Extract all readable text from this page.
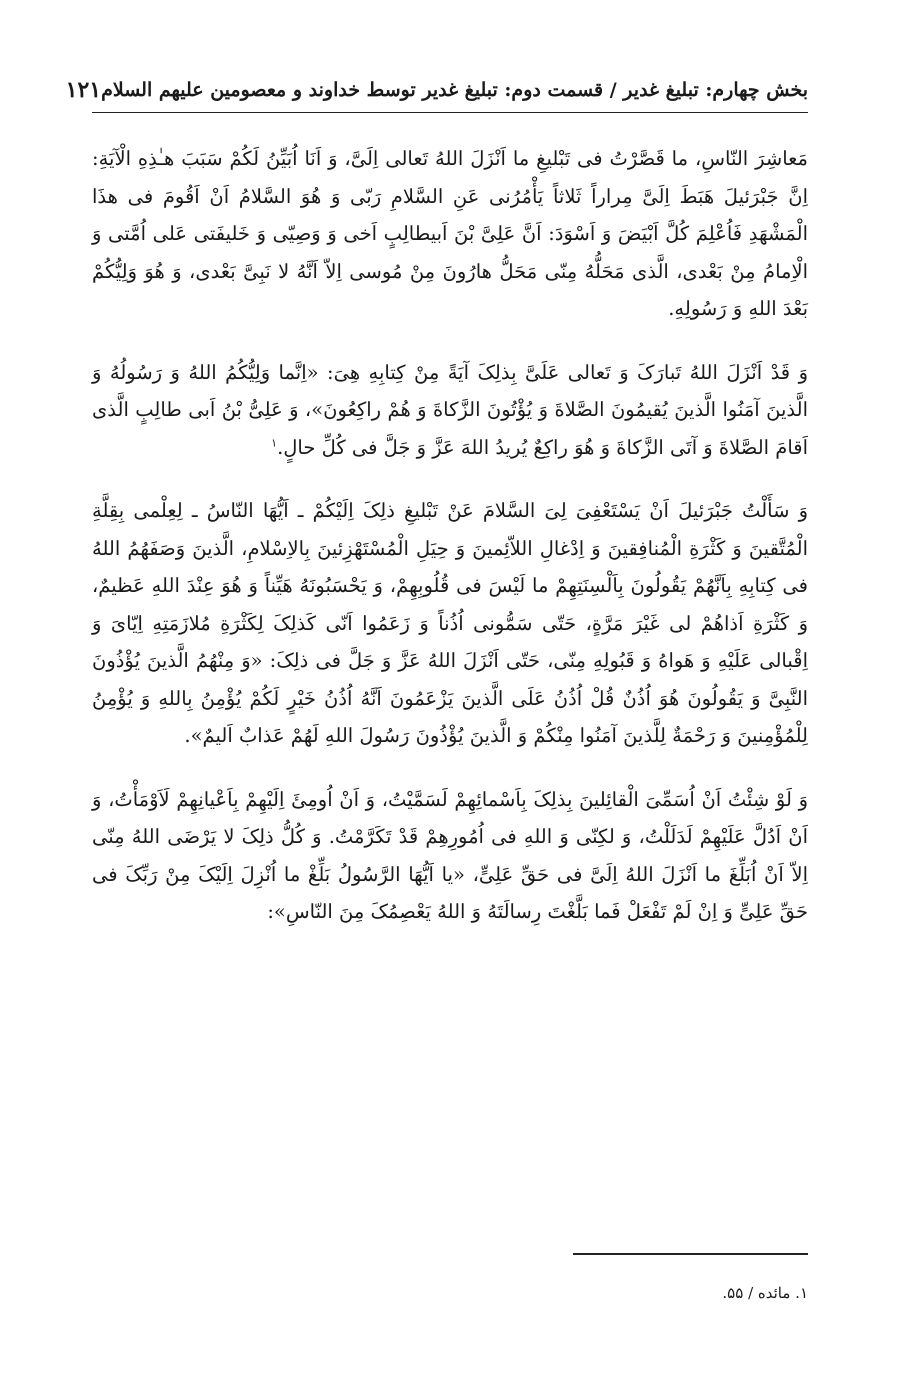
بخش چهارم: تبلیغ غدیر / قسمت دوم: تبلیغ غدیر توسط خداوند و معصومین علیهم السلام
۱۲۱

مَعاشِرَ النّاسِ، ما قَصَّرْتُ فی تَبْلیغِ ما اَنْزَلَ اللهُ تَعالی اِلَیَّ، وَ اَنَا اُبَیِّنُ لَکُمْ سَبَبَ هـٰذِهِ الْآیَةِ: اِنَّ جَبْرَئیلَ هَبَطَ اِلَیَّ مِراراً ثَلاثاً یَأْمُرُنی عَنِ السَّلامِ رَبّی وَ هُوَ السَّلامُ اَنْ اَقُومَ فی هذَا الْمَشْهَدِ فَاُعْلِمَ کُلَّ اَبْیَضَ وَ اَسْوَدَ: اَنَّ عَلِیَّ بْنَ اَبیطالِبٍ اَخی وَ وَصِیّی وَ خَلیفَتی عَلی اُمَّتی وَ الْاِمامُ مِنْ بَعْدی، الَّذی مَحَلُّهُ مِنّی مَحَلُّ هارُونَ مِنْ مُوسی اِلاّ اَنَّهُ لا نَبِیَّ بَعْدی، وَ هُوَ وَلِیُّکُمْ بَعْدَ اللهِ وَ رَسُولِهِ.

وَ قَدْ اَنْزَلَ اللهُ تَبارَکَ وَ تَعالی عَلَیَّ بِذلِکَ آیَةً مِنْ کِتابِهِ هِیَ: «اِنَّما وَلِیُّکُمُ اللهُ وَ رَسُولُهُ وَ الَّذینَ آمَنُوا الَّذینَ یُقیمُونَ الصَّلاةَ وَ یُؤْتُونَ الزَّکاةَ وَ هُمْ راکِعُونَ»، وَ عَلِیُّ بْنُ اَبی طالِبٍ الَّذی اَقامَ الصَّلاةَ وَ آتَی الزَّکاةَ وَ هُوَ راکِعٌ یُریدُ اللهَ عَزَّ وَ جَلَّ فی کُلِّ حالٍ.$^۱$

وَ سَأَلْتُ جَبْرَئیلَ اَنْ یَسْتَعْفِیَ لِیَ السَّلامَ عَنْ تَبْلیغِ ذلِکَ اِلَیْکُمْ ـ اَیُّهَا النّاسُ ـ لِعِلْمی بِقِلَّةِ الْمُتَّقینَ وَ کَثْرَةِ الْمُنافِقینَ وَ اِدْغالِ اللاّئِمینَ وَ حِیَلِ الْمُسْتَهْزِئینَ بِالاِسْلامِ، الَّذینَ وَصَفَهُمُ اللهُ فی کِتابِهِ بِاَنَّهُمْ یَقُولُونَ بِاَلْسِنَتِهِمْ ما لَیْسَ فی قُلُوبِهِمْ، وَ یَحْسَبُونَهُ هَیِّناً وَ هُوَ عِنْدَ اللهِ عَظیمٌ، وَ کَثْرَةِ اَذاهُمْ لی غَیْرَ مَرَّةٍ، حَتّی سَمُّونی اُذُناً وَ زَعَمُوا اَنّی کَذلِکَ لِکَثْرَةِ مُلازَمَتِهِ اِیّایَ وَ اِقْبالی عَلَیْهِ وَ هَواهُ وَ قَبُولِهِ مِنّی، حَتّی اَنْزَلَ اللهُ عَزَّ وَ جَلَّ فی ذلِکَ: «وَ مِنْهُمُ الَّذینَ یُؤْذُونَ النَّبِیَّ وَ یَقُولُونَ هُوَ اُذُنٌ قُلْ اُذُنُ عَلَی الَّذینَ یَزْعَمُونَ اَنَّهُ اُذُنُ خَیْرٍ لَکُمْ یُؤْمِنُ بِاللهِ وَ یُؤْمِنُ لِلْمُؤْمِنینَ وَ رَحْمَةٌ لِلَّذینَ آمَنُوا مِنْکُمْ وَ الَّذینَ یُؤْذُونَ رَسُولَ اللهِ لَهُمْ عَذابٌ اَلیمٌ».

وَ لَوْ شِئْتُ اَنْ اُسَمِّیَ الْقائِلینَ بِذلِکَ بِاَسْمائِهِمْ لَسَمَّیْتُ، وَ اَنْ اُومِئَ اِلَیْهِمْ بِاَعْیانِهِمْ لَاَوْمَأْتُ، وَ اَنْ اَدُلَّ عَلَیْهِمْ لَدَلَلْتُ، وَ لکِنّی وَ اللهِ فی اُمُورِهِمْ قَدْ تَکَرَّمْتُ. وَ کُلُّ ذلِکَ لا یَرْضَی اللهُ مِنّی اِلاّ اَنْ اُبَلِّغَ ما اَنْزَلَ اللهُ اِلَیَّ فی حَقِّ عَلِیٍّ، «یا اَیُّهَا الرَّسُولُ بَلِّغْ ما اُنْزِلَ اِلَیْکَ مِنْ رَبِّکَ فی حَقِّ عَلِیٍّ وَ اِنْ لَمْ تَفْعَلْ فَما بَلَّغْتَ رِسالَتَهُ وَ اللهُ یَعْصِمُکَ مِنَ النّاسِ»:

۱. مائده / ۵۵.
